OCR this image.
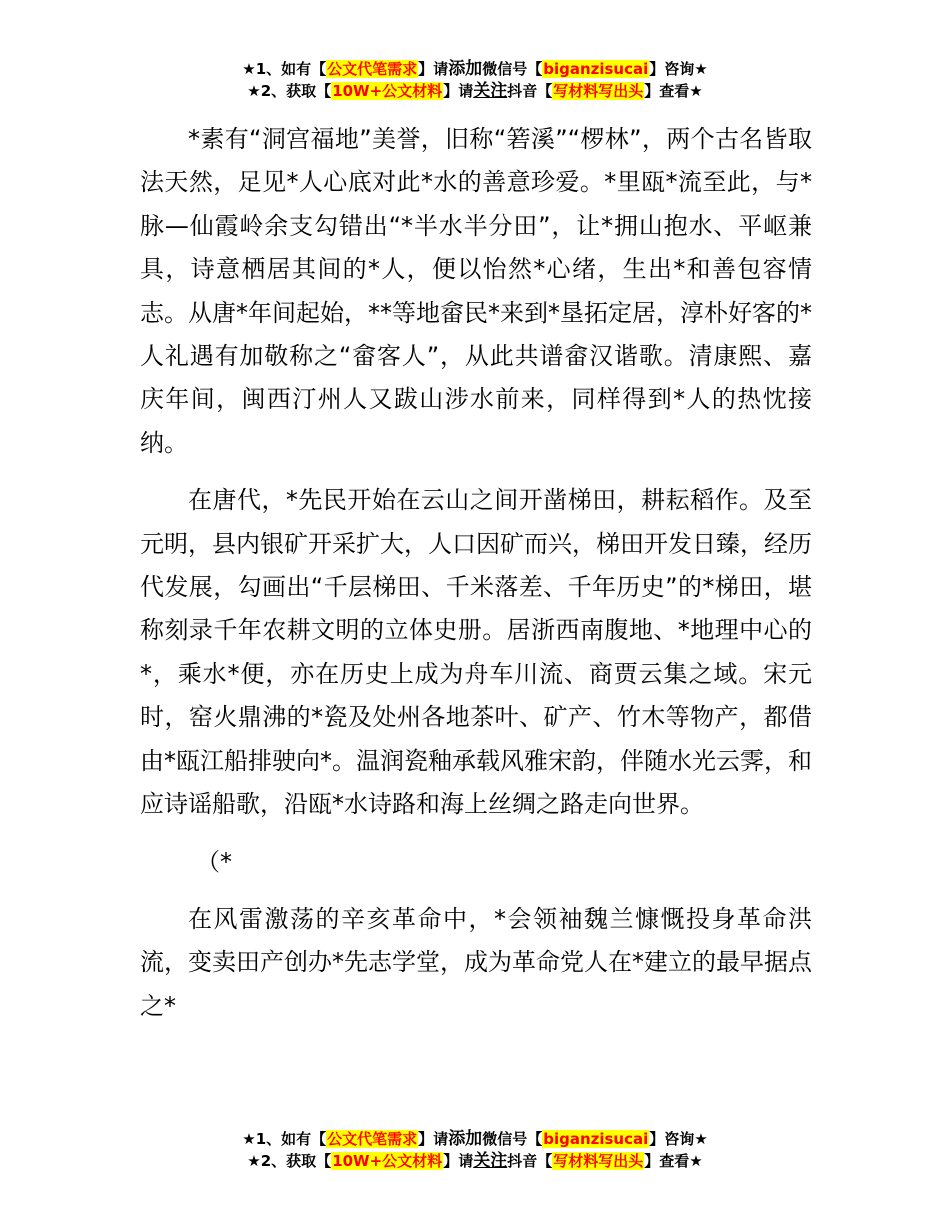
★1、如有【公文代笔需求】请添加微信号【biganzisucai】咨询★
★2、获取【10W+公文材料】请关注抖音【写材料写出头】查看★

*素有“洞宫福地”美誉，旧称“箬溪”“椤林”，两个古名皆取法天然，足见*人心底对此*水的善意珍爱。*里瓯*流至此，与*脉—仙霞岭余支勾错出“*半水半分田”，让*拥山抱水、平岖兼具，诗意栖居其间的*人，便以怡然*心绪，生出*和善包容情志。从唐*年间起始，**等地畲民*来到*垦拓定居，淳朴好客的*人礼遇有加敬称之“畲客人”，从此共谱畲汉谐歌。清康熙、嘉庆年间，闽西汀州人又跋山涉水前来，同样得到*人的热忱接纳。

在唐代，*先民开始在云山之间开凿梯田，耕耘稻作。及至元明，县内银矿开采扩大，人口因矿而兴，梯田开发日臻，经历代发展，勾画出“千层梯田、千米落差、千年历史”的*梯田，堪称刻录千年农耕文明的立体史册。居浙西南腹地、*地理中心的*，乘水*便，亦在历史上成为舟车川流、商贾云集之域。宋元时，窑火鼎沸的*瓷及处州各地茶叶、矿产、竹木等物产，都借由*瓯江船排驶向*。温润瓷釉承载风雅宋韵，伴随水光云霁，和应诗谣船歌，沿瓯*水诗路和海上丝绸之路走向世界。

（*

在风雷激荡的辛亥革命中，*会领袖魏兰慷慨投身革命洪流，变卖田产创办*先志学堂，成为革命党人在*建立的最早据点之*

★1、如有【公文代笔需求】请添加微信号【biganzisucai】咨询★
★2、获取【10W+公文材料】请关注抖音【写材料写出头】查看★
